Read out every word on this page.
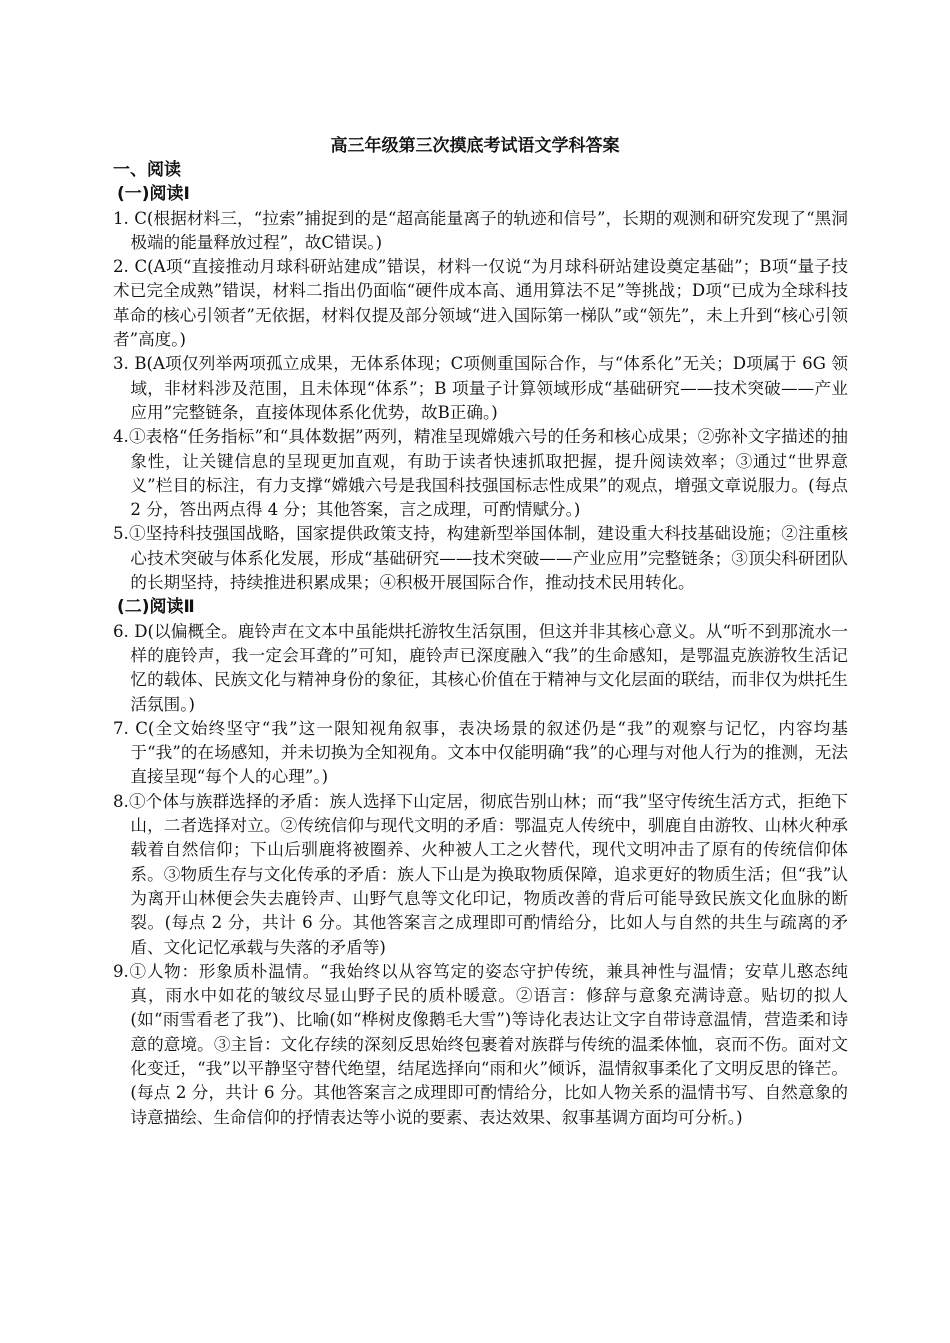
高三年级第三次摸底考试语文学科答案
一、阅读
(一)阅读Ⅰ

1. C(根据材料三，“拉索”捕捉到的是“超高能量离子的轨迹和信号”，长期的观测和研究发现了“黑洞极端的能量释放过程”，故C错误。)

2. C(A项“直接推动月球科研站建成”错误，材料一仅说“为月球科研站建设奠定基础”；B项“量子技术已完全成熟”错误，材料二指出仍面临“硬件成本高、通用算法不足”等挑战；D项“已成为全球科技革命的核心引领者”无依据，材料仅提及部分领域“进入国际第一梯队”或“领先”，未上升到“核心引领者”高度。)

3. B(A项仅列举两项孤立成果，无体系体现；C项侧重国际合作，与“体系化”无关；D项属于 6G 领域，非材料涉及范围，且未体现“体系”；B 项量子计算领域形成“基础研究——技术突破——产业应用”完整链条，直接体现体系化优势，故B正确。)

4.①表格“任务指标”和“具体数据”两列，精准呈现嫦娥六号的任务和核心成果；②弥补文字描述的抽象性，让关键信息的呈现更加直观，有助于读者快速抓取把握，提升阅读效率；③通过“世界意义”栏目的标注，有力支撑“嫦娥六号是我国科技强国标志性成果”的观点，增强文章说服力。(每点 2 分，答出两点得 4 分；其他答案，言之成理，可酌情赋分。)

5.①坚持科技强国战略，国家提供政策支持，构建新型举国体制，建设重大科技基础设施；②注重核心技术突破与体系化发展，形成“基础研究——技术突破——产业应用”完整链条；③顶尖科研团队的长期坚持，持续推进积累成果；④积极开展国际合作，推动技术民用转化。

(二)阅读Ⅱ

6. D(以偏概全。鹿铃声在文本中虽能烘托游牧生活氛围，但这并非其核心意义。从“听不到那流水一样的鹿铃声，我一定会耳聋的”可知，鹿铃声已深度融入“我”的生命感知，是鄂温克族游牧生活记忆的载体、民族文化与精神身份的象征，其核心价值在于精神与文化层面的联结，而非仅为烘托生活氛围。)

7. C(全文始终坚守“我”这一限知视角叙事，表决场景的叙述仍是“我”的观察与记忆，内容均基于“我”的在场感知，并未切换为全知视角。文本中仅能明确“我”的心理与对他人行为的推测，无法直接呈现“每个人的心理”。)

8.①个体与族群选择的矛盾：族人选择下山定居，彻底告别山林；而“我”坚守传统生活方式，拒绝下山，二者选择对立。②传统信仰与现代文明的矛盾：鄂温克人传统中，驯鹿自由游牧、山林火种承载着自然信仰；下山后驯鹿将被圈养、火种被人工之火替代，现代文明冲击了原有的传统信仰体系。③物质生存与文化传承的矛盾：族人下山是为换取物质保障，追求更好的物质生活；但“我”认为离开山林便会失去鹿铃声、山野气息等文化印记，物质改善的背后可能导致民族文化血脉的断裂。(每点 2 分，共计 6 分。其他答案言之成理即可酌情给分，比如人与自然的共生与疏离的矛盾、文化记忆承载与失落的矛盾等)

9.①人物：形象质朴温情。“我始终以从容笃定的姿态守护传统，兼具神性与温情；安草儿憨态纯真，雨水中如花的皱纹尽显山野子民的质朴暖意。②语言：修辞与意象充满诗意。贴切的拟人(如“雨雪看老了我”)、比喻(如“桦树皮像鹅毛大雪”)等诗化表达让文字自带诗意温情，营造柔和诗意的意境。③主旨：文化存续的深刻反思始终包裹着对族群与传统的温柔体恤，哀而不伤。面对文化变迁，“我”以平静坚守替代绝望，结尾选择向“雨和火”倾诉，温情叙事柔化了文明反思的锋芒。(每点 2 分，共计 6 分。其他答案言之成理即可酌情给分，比如人物关系的温情书写、自然意象的诗意描绘、生命信仰的抒情表达等小说的要素、表达效果、叙事基调方面均可分析。)
